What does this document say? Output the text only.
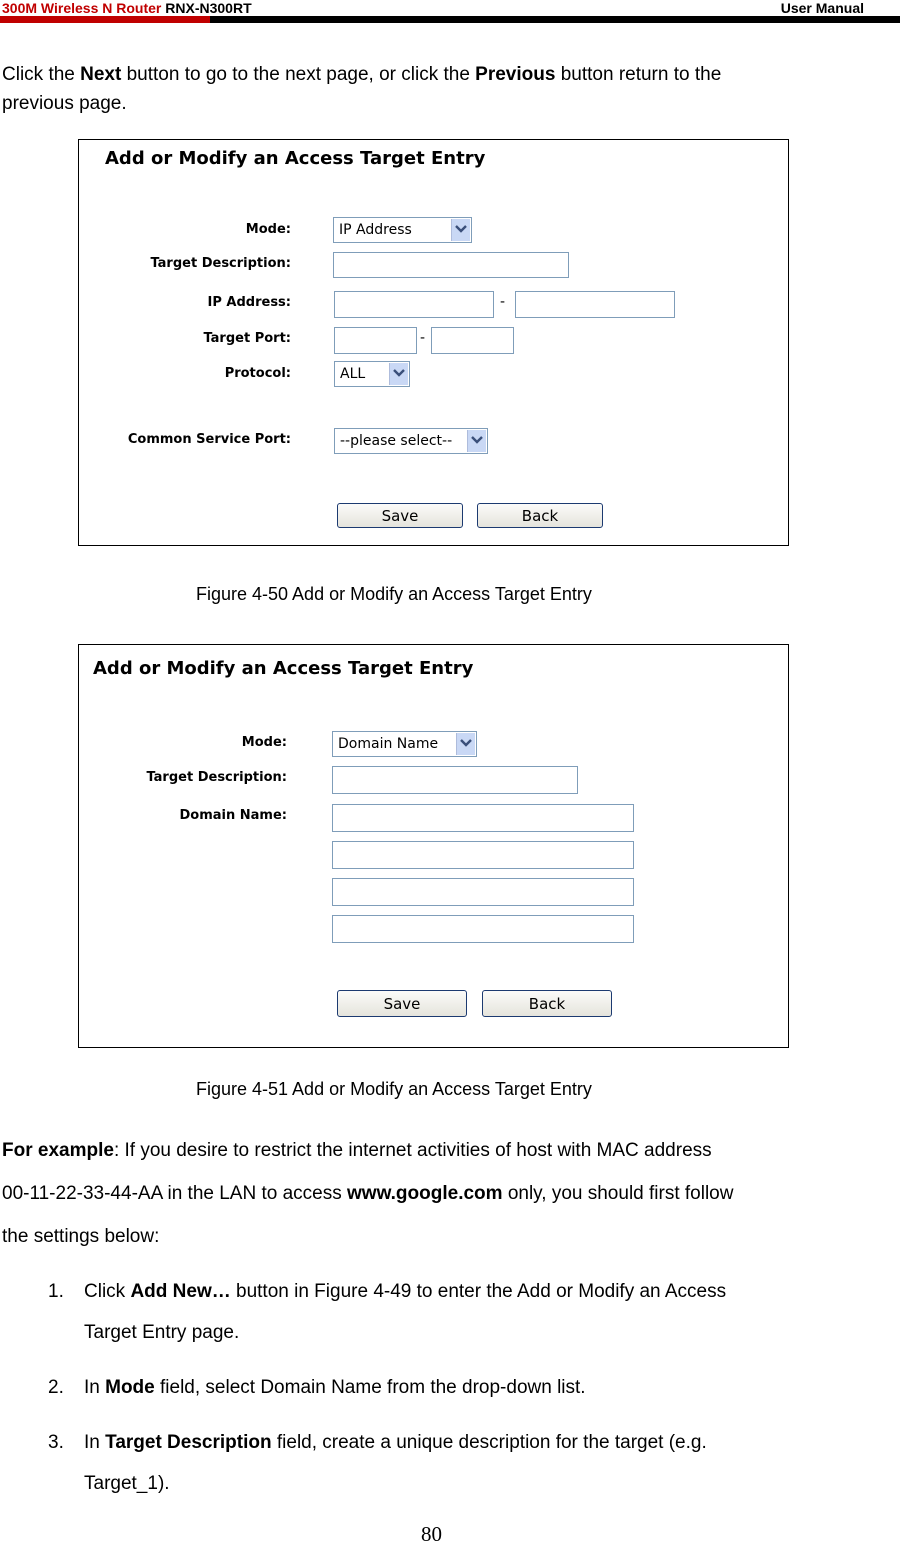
300M Wireless N Router RNX-N300RT	User Manual
Click the Next button to go to the next page, or click the Previous button return to the
previous page.
Add or Modify an Access Target Entry
Mode:	IP Address
Target Description:
IP Address:	-
Target Port:	-
Protocol:	ALL
Common Service Port:	--please select--
Save	Back
Figure 4-50 Add or Modify an Access Target Entry
Add or Modify an Access Target Entry
Mode:	Domain Name
Target Description:
Domain Name:
Save	Back
Figure 4-51 Add or Modify an Access Target Entry
For example: If you desire to restrict the internet activities of host with MAC address
00-11-22-33-44-AA in the LAN to access www.google.com only, you should first follow
the settings below:
1. Click Add New… button in Figure 4-49 to enter the Add or Modify an Access
Target Entry page.
2. In Mode field, select Domain Name from the drop-down list.
3. In Target Description field, create a unique description for the target (e.g.
Target_1).
80
